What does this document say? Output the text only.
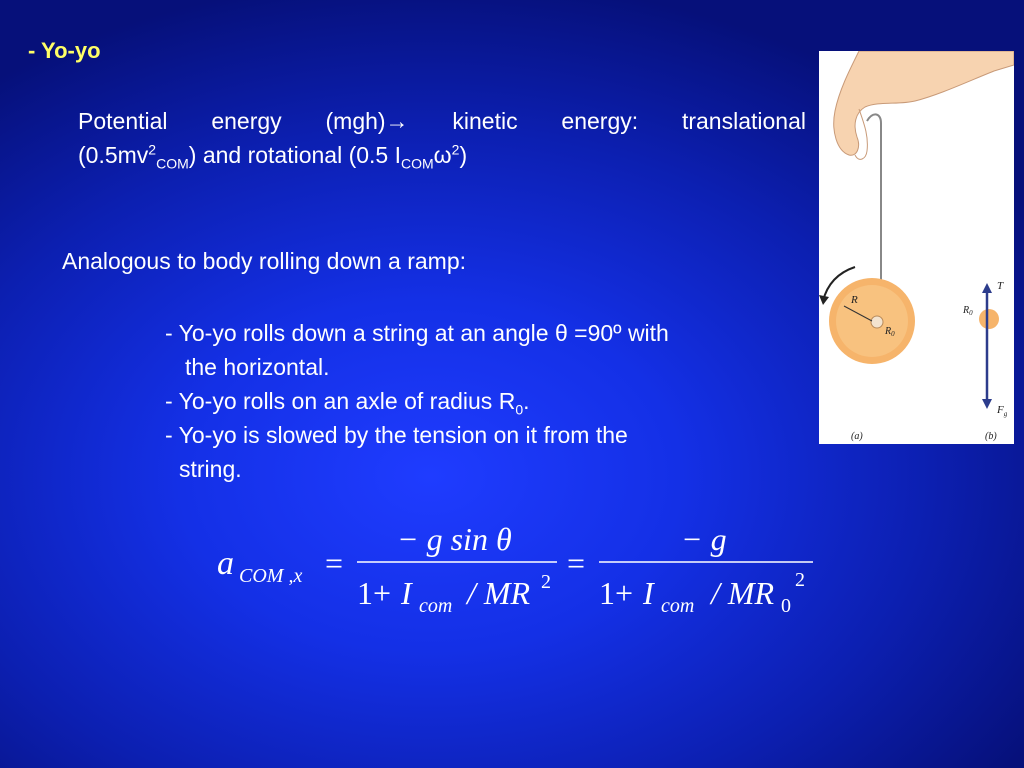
- Yo-yo
Potential energy (mgh)→ kinetic energy: translational
$(0.5mv^2_{COM})$ and rotational (0.5 $I_{COM}\omega^2$)
Analogous to body rolling down a ramp:
- Yo-yo rolls down a string at an angle θ =90º with
the horizontal.
- Yo-yo rolls on an axle of radius $R_0$.
- Yo-yo is slowed by the tension on it from the
string.
a COM ,x =
− g sin θ
1+ I com / MR 2
=
− g
1+ I com / MR 0
2
R
$R_0$
T
$R_0$
$F_g$
(a)	(b)
